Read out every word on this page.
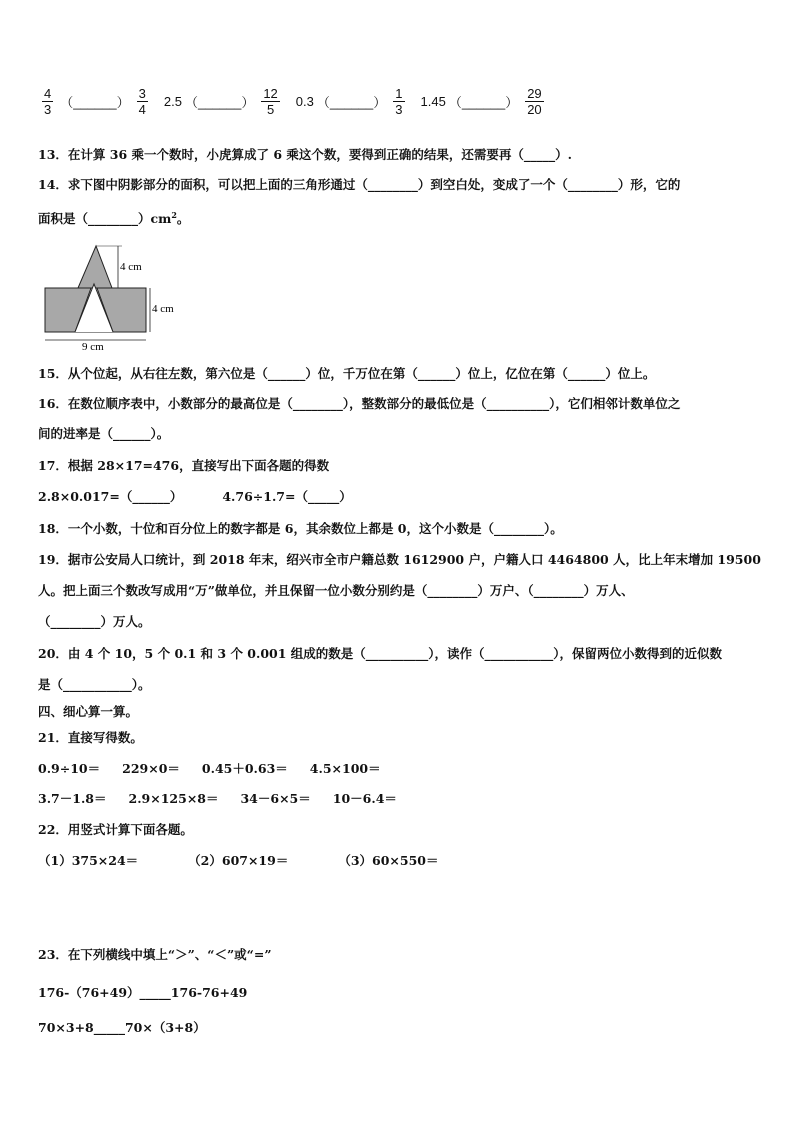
$\frac{4}{3}$ （______） $\frac{3}{4} 2.5$ （______） $\frac{12}{5} 0.3$ （______） $\frac{1}{3} 1.45$ （______） $\frac{29}{20}$
13．在计算 36 乘一个数时，小虎算成了 6 乘这个数，要得到正确的结果，还需要再（_____）.
14．求下图中阴影部分的面积，可以把上面的三角形通过（________）到空白处，变成了一个（________）形，它的
面积是$(\_\_\_\_\_\_\_\_)cm^2$。
4 cm
4 cm
9 cm
15．从个位起，从右往左数，第六位是（______）位，千万位在第（______）位上，亿位在第（______）位上。
16．在数位顺序表中，小数部分的最高位是（________），整数部分的最低位是（__________），它们相邻计数单位之
间的进率是（______）。
17．根据 28×17=476，直接写出下面各题的得数
2.8×0.017=（______）	4.76÷1.7=（_____）
18．一个小数，十位和百分位上的数字都是 6，其余数位上都是 0，这个小数是（________）。
19．据市公安局人口统计，到 2018 年末，绍兴市全市户籍总数 1612900 户，户籍人口 4464800 人，比上年末增加 19500
人。把上面三个数改写成用“万”做单位，并且保留一位小数分别约是（________）万户、（________）万人、
（________）万人。
20．由 4 个 10，5 个 0.1 和 3 个 0.001 组成的数是（__________），读作（___________），保留两位小数得到的近似数
是（___________）。
四、细心算一算。
21．直接写得数。
0.9÷10＝ 229×0＝ 0.45＋0.63＝ 4.5×100＝
3.7－1.8＝ 2.9×125×8＝ 34－6×5＝ 10－6.4＝
22．用竖式计算下面各题。
（1）375×24＝	（2）607×19＝	（3）60×550＝
23．在下列横线中填上“＞”、“＜”或“=”
176-（76+49）_____176-76+49
70×3+8_____70×（3+8）
